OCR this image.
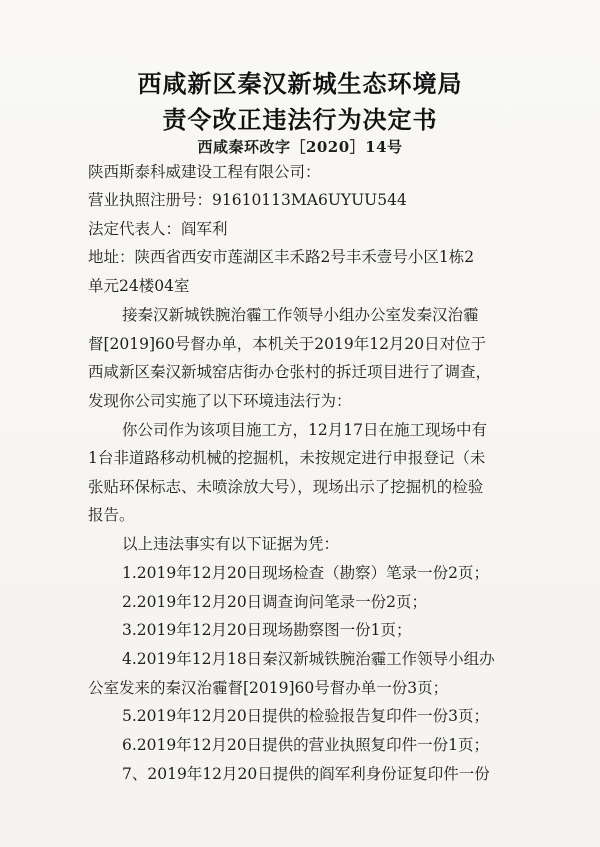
西咸新区秦汉新城生态环境局
责令改正违法行为决定书
西咸秦环改字［2020］14号
陕西斯泰科威建设工程有限公司：
营业执照注册号：91610113MA6UYUU544
法定代表人：阎军利
地址：陕西省西安市莲湖区丰禾路2号丰禾壹号小区1栋2
单元24楼04室
接秦汉新城铁腕治霾工作领导小组办公室发秦汉治霾
督[2019]60号督办单，本机关于2019年12月20日对位于
西咸新区秦汉新城窑店街办仓张村的拆迁项目进行了调查，
发现你公司实施了以下环境违法行为：
你公司作为该项目施工方，12月17日在施工现场中有
1台非道路移动机械的挖掘机，未按规定进行申报登记（未
张贴环保标志、未喷涂放大号），现场出示了挖掘机的检验
报告。
以上违法事实有以下证据为凭：
1.2019年12月20日现场检查（勘察）笔录一份2页；
2.2019年12月20日调查询问笔录一份2页；
3.2019年12月20日现场勘察图一份1页；
4.2019年12月18日秦汉新城铁腕治霾工作领导小组办
公室发来的秦汉治霾督[2019]60号督办单一份3页；
5.2019年12月20日提供的检验报告复印件一份3页；
6.2019年12月20日提供的营业执照复印件一份1页；
7、2019年12月20日提供的阎军利身份证复印件一份
